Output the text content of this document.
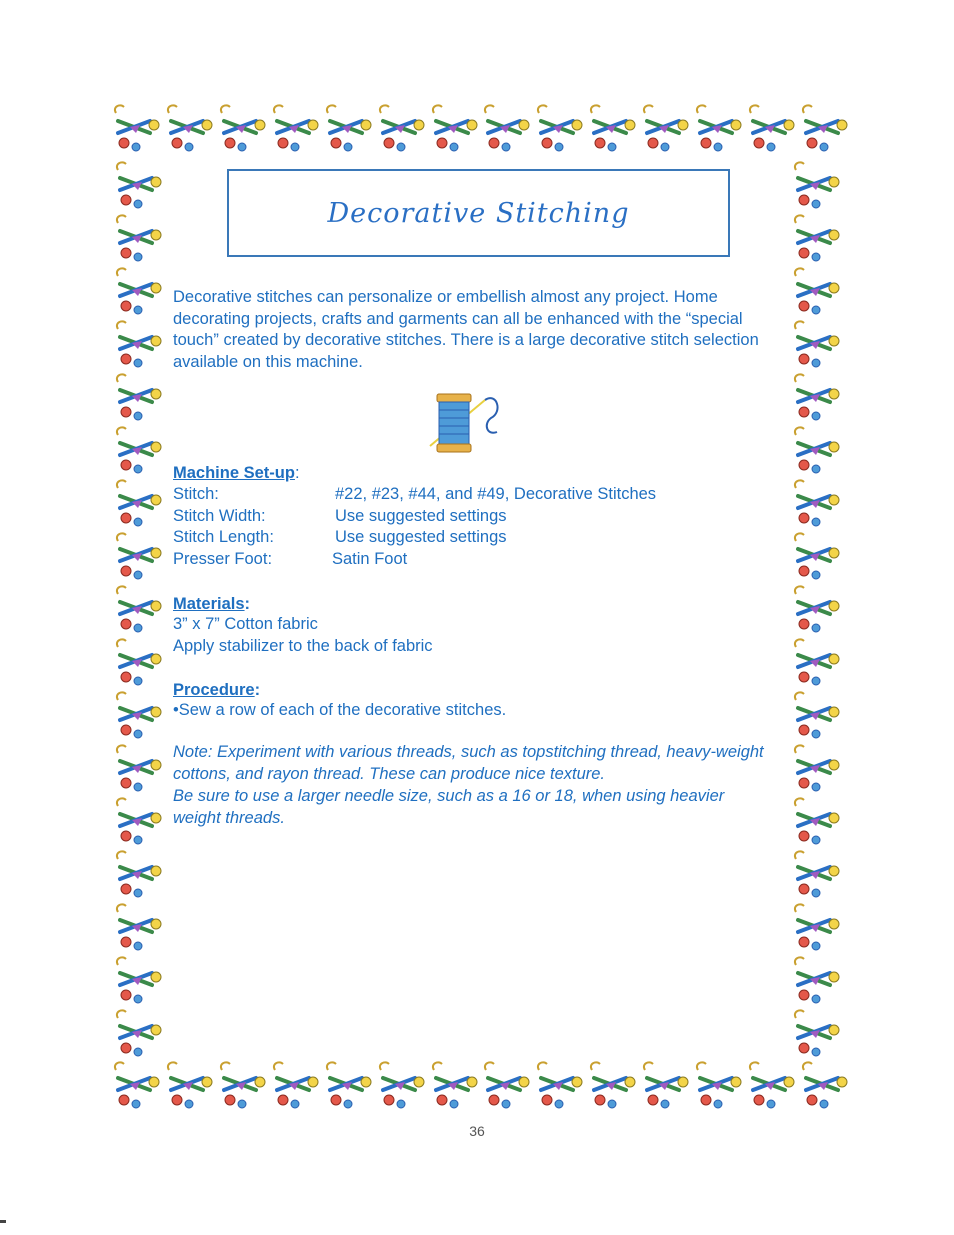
Decorative Stitching
Decorative stitches can personalize or embellish almost any project. Home decorating projects, crafts and garments can all be enhanced with the “special touch” created by decorative stitches. There is a large decorative stitch selection available on this machine.
Machine Set-up:
Stitch:	#22, #23, #44, and #49, Decorative Stitches
Stitch Width:	Use suggested settings
Stitch Length:	Use suggested settings
Presser Foot:	Satin Foot
Materials:
3” x 7” Cotton fabric
Apply stabilizer to the back of fabric
Procedure:
•Sew a row of each of the decorative stitches.
Note: Experiment with various threads, such as topstitching thread, heavy-weight cottons, and rayon thread. These can produce nice texture.
Be sure to use a larger needle size, such as a 16 or 18, when using heavier weight threads.
36
